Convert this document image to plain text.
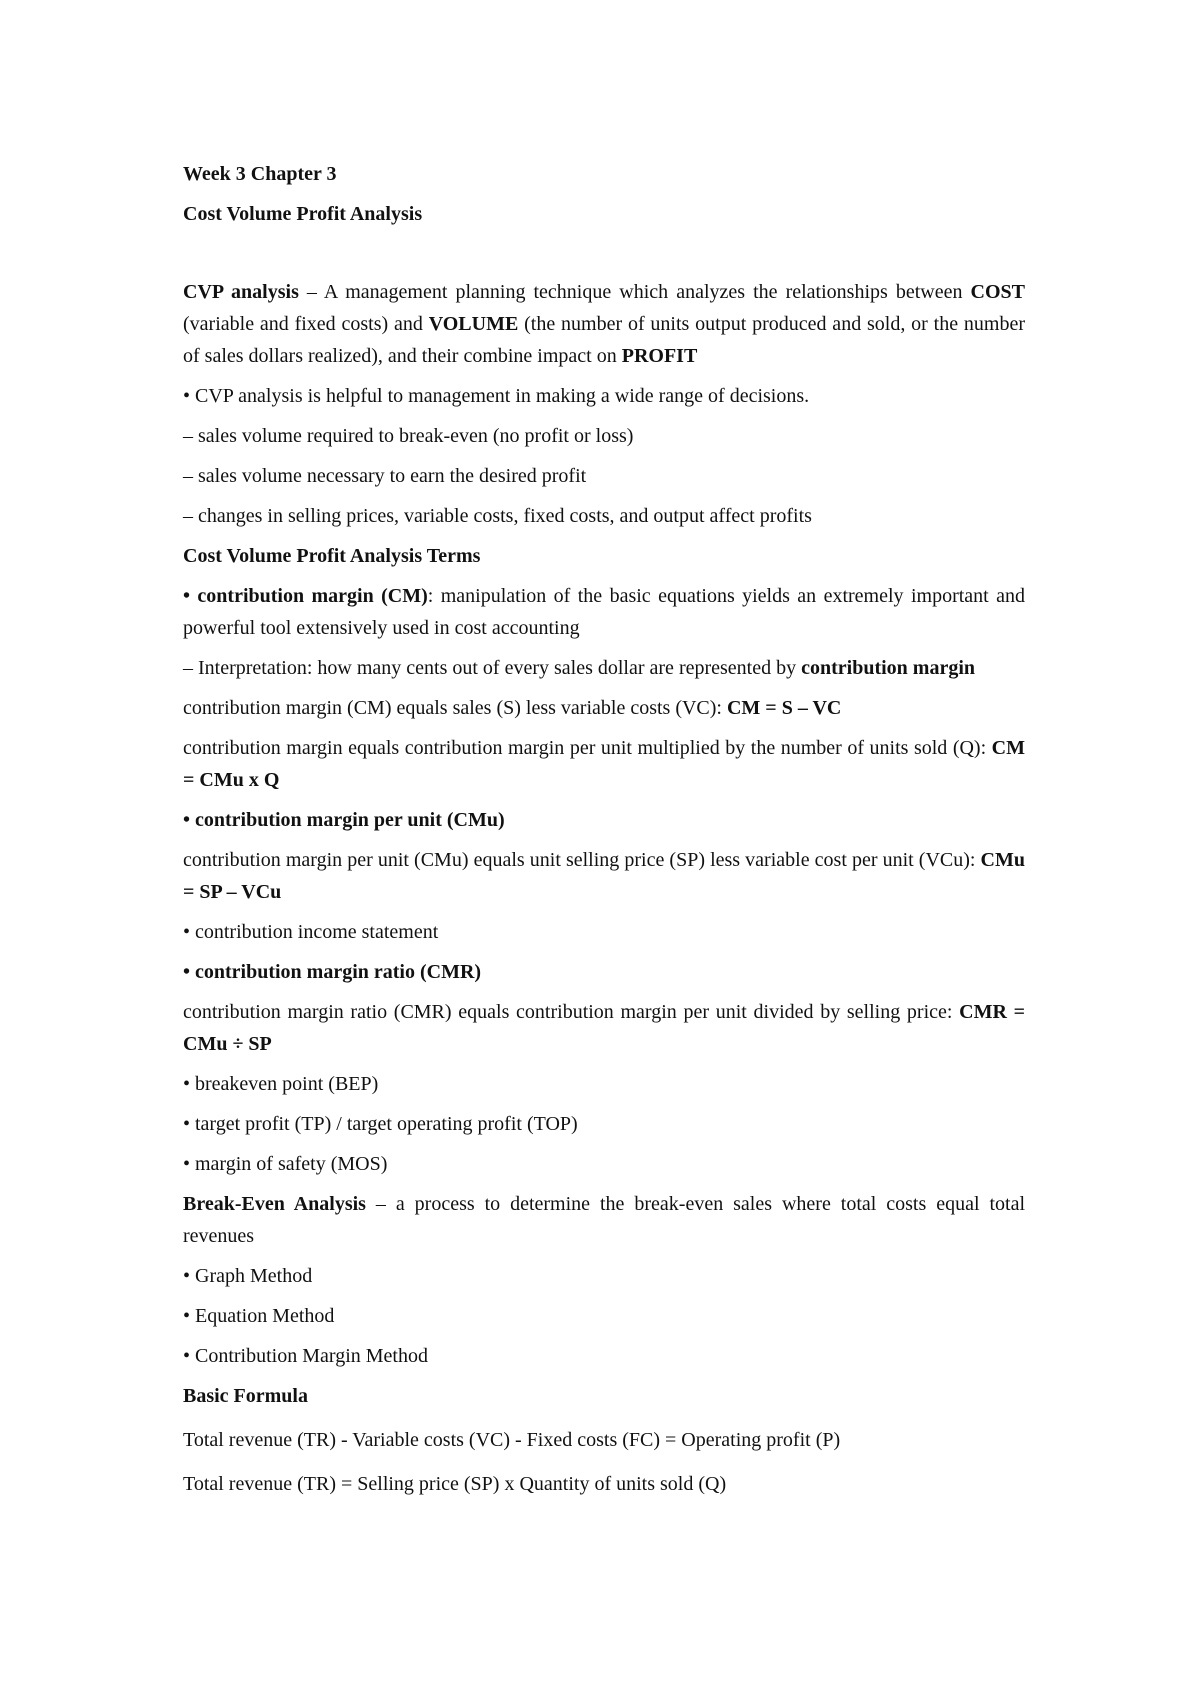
Week 3 Chapter 3

Cost Volume Profit Analysis

CVP analysis – A management planning technique which analyzes the relationships between COST (variable and fixed costs) and VOLUME (the number of units output produced and sold, or the number of sales dollars realized), and their combine impact on PROFIT

• CVP analysis is helpful to management in making a wide range of decisions.

– sales volume required to break-even (no profit or loss)

– sales volume necessary to earn the desired profit

– changes in selling prices, variable costs, fixed costs, and output affect profits

Cost Volume Profit Analysis Terms

• contribution margin (CM): manipulation of the basic equations yields an extremely important and powerful tool extensively used in cost accounting

– Interpretation: how many cents out of every sales dollar are represented by contribution margin

contribution margin (CM) equals sales (S) less variable costs (VC): CM = S – VC

contribution margin equals contribution margin per unit multiplied by the number of units sold (Q): CM = CMu x Q

• contribution margin per unit (CMu)

contribution margin per unit (CMu) equals unit selling price (SP) less variable cost per unit (VCu): CMu = SP – VCu

• contribution income statement

• contribution margin ratio (CMR)

contribution margin ratio (CMR) equals contribution margin per unit divided by selling price: CMR = CMu ÷ SP

• breakeven point (BEP)

• target profit (TP) / target operating profit (TOP)

• margin of safety (MOS)

Break-Even Analysis – a process to determine the break-even sales where total costs equal total revenues

• Graph Method

• Equation Method

• Contribution Margin Method

Basic Formula

Total revenue (TR) - Variable costs (VC) - Fixed costs (FC) = Operating profit (P)

Total revenue (TR) = Selling price (SP) x Quantity of units sold (Q)
